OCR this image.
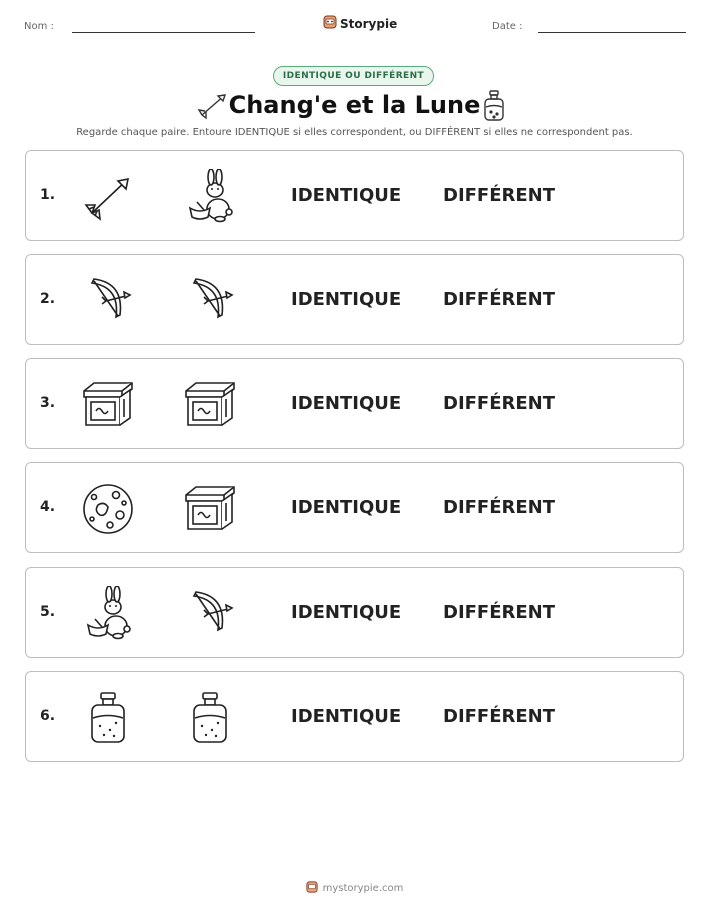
Nom :	Storypie	Date :
IDENTIQUE OU DIFFÉRENT
Chang'e et la Lune
Regarde chaque paire. Entoure IDENTIQUE si elles correspondent, ou DIFFÉRENT si elles ne correspondent pas.
1.	IDENTIQUE DIFFÉRENT
2.	IDENTIQUE DIFFÉRENT
3.	IDENTIQUE DIFFÉRENT
4.	IDENTIQUE DIFFÉRENT
5.	IDENTIQUE DIFFÉRENT
6.	IDENTIQUE DIFFÉRENT
mystorypie.com
